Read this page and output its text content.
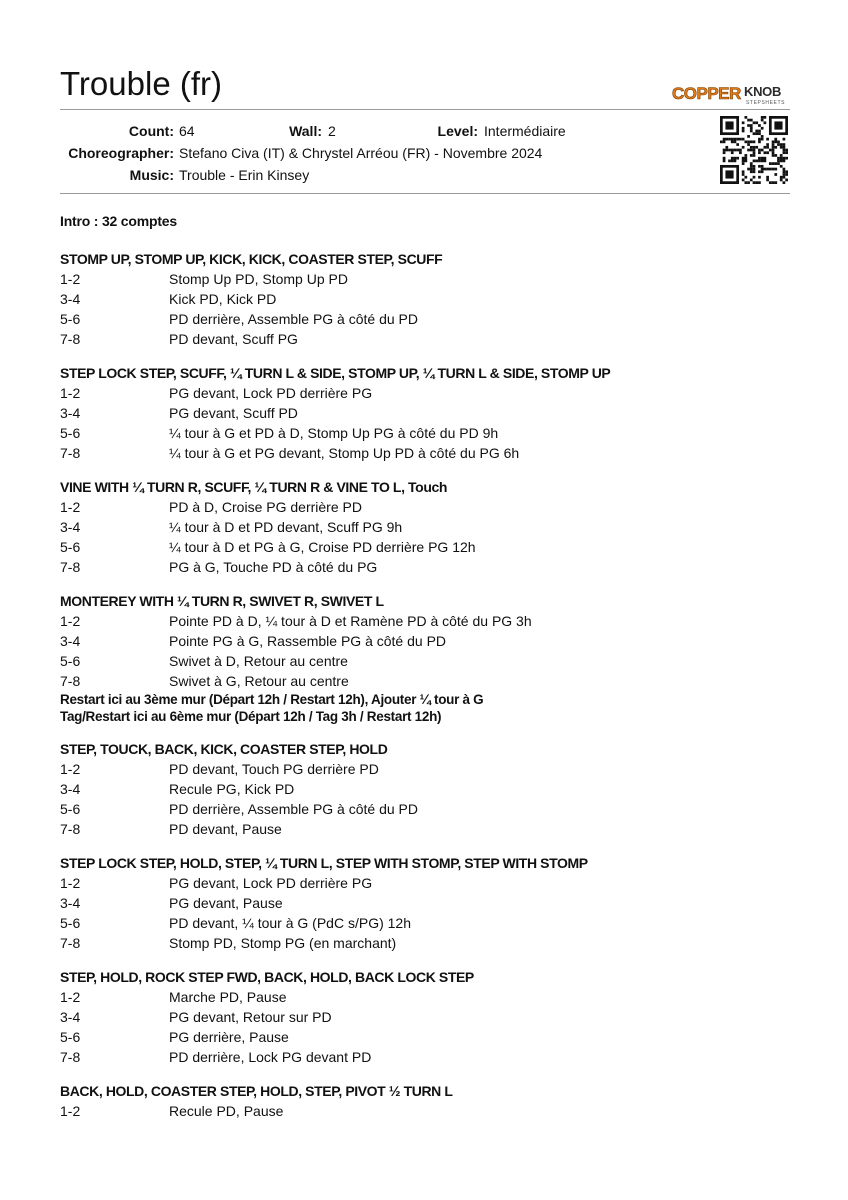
Trouble (fr)	COPPER KNOB
STEPSHEETS
Count: 64	Wall: 2	Level: Intermédiaire
Choreographer: Stefano Civa (IT) & Chrystel Arréou (FR) - Novembre 2024
Music: Trouble - Erin Kinsey
Intro : 32 comptes
STOMP UP, STOMP UP, KICK, KICK, COASTER STEP, SCUFF
1-2	Stomp Up PD, Stomp Up PD
3-4	Kick PD, Kick PD
5-6	PD derrière, Assemble PG à côté du PD
7-8	PD devant, Scuff PG
STEP LOCK STEP, SCUFF, ¼ TURN L & SIDE, STOMP UP, ¼ TURN L & SIDE, STOMP UP
1-2	PG devant, Lock PD derrière PG
3-4	PG devant, Scuff PD
5-6	¼ tour à G et PD à D, Stomp Up PG à côté du PD 9h
7-8	¼ tour à G et PG devant, Stomp Up PD à côté du PG 6h
VINE WITH ¼ TURN R, SCUFF, ¼ TURN R & VINE TO L, Touch
1-2	PD à D, Croise PG derrière PD
3-4	¼ tour à D et PD devant, Scuff PG 9h
5-6	¼ tour à D et PG à G, Croise PD derrière PG 12h
7-8	PG à G, Touche PD à côté du PG
MONTEREY WITH ¼ TURN R, SWIVET R, SWIVET L
1-2	Pointe PD à D, ¼ tour à D et Ramène PD à côté du PG 3h
3-4	Pointe PG à G, Rassemble PG à côté du PD
5-6	Swivet à D, Retour au centre
7-8	Swivet à G, Retour au centre
Restart ici au 3ème mur (Départ 12h / Restart 12h), Ajouter ¼ tour à G
Tag/Restart ici au 6ème mur (Départ 12h / Tag 3h / Restart 12h)
STEP, TOUCK, BACK, KICK, COASTER STEP, HOLD
1-2	PD devant, Touch PG derrière PD
3-4	Recule PG, Kick PD
5-6	PD derrière, Assemble PG à côté du PD
7-8	PD devant, Pause
STEP LOCK STEP, HOLD, STEP, ¼ TURN L, STEP WITH STOMP, STEP WITH STOMP
1-2	PG devant, Lock PD derrière PG
3-4	PG devant, Pause
5-6	PD devant, ¼ tour à G (PdC s/PG) 12h
7-8	Stomp PD, Stomp PG (en marchant)
STEP, HOLD, ROCK STEP FWD, BACK, HOLD, BACK LOCK STEP
1-2	Marche PD, Pause
3-4	PG devant, Retour sur PD
5-6	PG derrière, Pause
7-8	PD derrière, Lock PG devant PD
BACK, HOLD, COASTER STEP, HOLD, STEP, PIVOT ½ TURN L
1-2	Recule PD, Pause
